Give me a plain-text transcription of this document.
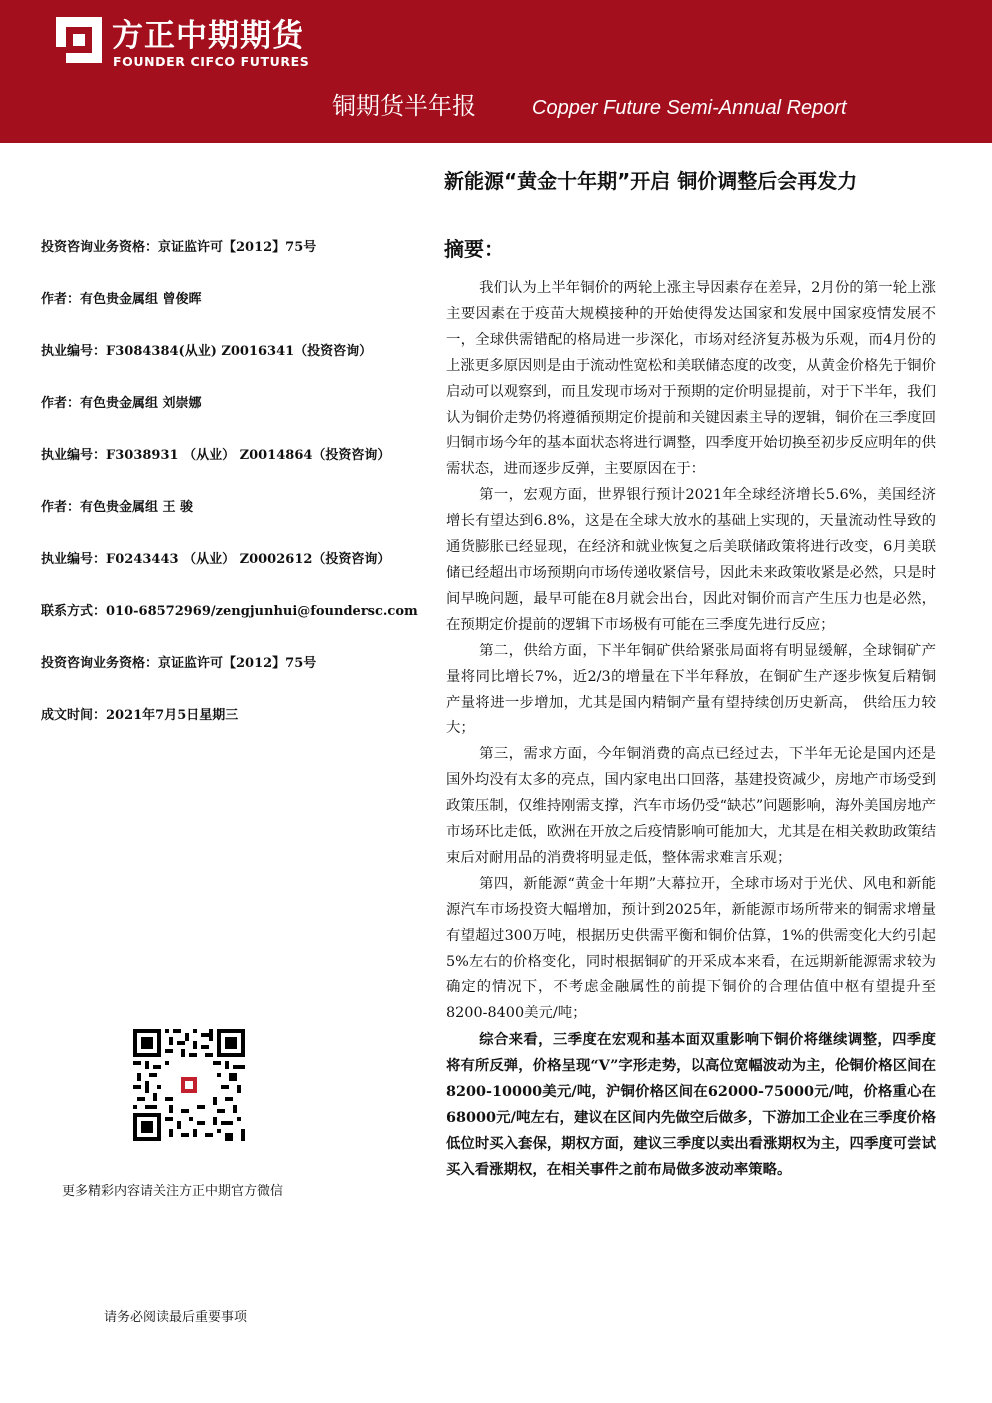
方正中期期货
FOUNDER CIFCO FUTURES
铜期货半年报	Copper Future Semi-Annual Report
新能源“黄金十年期”开启 铜价调整后会再发力
投资咨询业务资格：京证监许可【2012】75号
作者：有色贵金属组 曾俊晖
执业编号：F3084384(从业) Z0016341（投资咨询）
作者：有色贵金属组 刘崇娜
执业编号：F3038931 （从业） Z0014864（投资咨询）
作者：有色贵金属组 王 骏
执业编号：F0243443 （从业） Z0002612（投资咨询）
联系方式：010-68572969/zengjunhui@foundersc.com
投资咨询业务资格：京证监许可【2012】75号
成文时间：2021年7月5日星期三
更多精彩内容请关注方正中期官方微信
请务必阅读最后重要事项
摘要：

我们认为上半年铜价的两轮上涨主导因素存在差异，2月份的第一轮上涨主要因素在于疫苗大规模接种的开始使得发达国家和发展中国家疫情发展不一，全球供需错配的格局进一步深化，市场对经济复苏极为乐观，而4月份的上涨更多原因则是由于流动性宽松和美联储态度的改变，从黄金价格先于铜价启动可以观察到，而且发现市场对于预期的定价明显提前，对于下半年，我们认为铜价走势仍将遵循预期定价提前和关键因素主导的逻辑，铜价在三季度回归铜市场今年的基本面状态将进行调整，四季度开始切换至初步反应明年的供需状态，进而逐步反弹，主要原因在于：

第一，宏观方面，世界银行预计2021年全球经济增长5.6%，美国经济增长有望达到6.8%，这是在全球大放水的基础上实现的，天量流动性导致的通货膨胀已经显现，在经济和就业恢复之后美联储政策将进行改变，6月美联储已经超出市场预期向市场传递收紧信号，因此未来政策收紧是必然，只是时间早晚问题，最早可能在8月就会出台，因此对铜价而言产生压力也是必然，在预期定价提前的逻辑下市场极有可能在三季度先进行反应；

第二，供给方面，下半年铜矿供给紧张局面将有明显缓解，全球铜矿产量将同比增长7%，近2/3的增量在下半年释放，在铜矿生产逐步恢复后精铜产量将进一步增加，尤其是国内精铜产量有望持续创历史新高， 供给压力较大；

第三，需求方面，今年铜消费的高点已经过去，下半年无论是国内还是国外均没有太多的亮点，国内家电出口回落，基建投资减少，房地产市场受到政策压制，仅维持刚需支撑，汽车市场仍受“缺芯”问题影响，海外美国房地产市场环比走低，欧洲在开放之后疫情影响可能加大，尤其是在相关救助政策结束后对耐用品的消费将明显走低，整体需求难言乐观；

第四，新能源“黄金十年期”大幕拉开，全球市场对于光伏、风电和新能源汽车市场投资大幅增加，预计到2025年，新能源市场所带来的铜需求增量有望超过300万吨，根据历史供需平衡和铜价估算，1%的供需变化大约引起5%左右的价格变化，同时根据铜矿的开采成本来看，在远期新能源需求较为确定的情况下，不考虑金融属性的前提下铜价的合理估值中枢有望提升至8200-8400美元/吨；

综合来看，三季度在宏观和基本面双重影响下铜价将继续调整，四季度将有所反弹，价格呈现“V”字形走势，以高位宽幅波动为主，伦铜价格区间在8200-10000美元/吨，沪铜价格区间在62000-75000元/吨，价格重心在68000元/吨左右，建议在区间内先做空后做多，下游加工企业在三季度价格低位时买入套保，期权方面，建议三季度以卖出看涨期权为主，四季度可尝试买入看涨期权，在相关事件之前布局做多波动率策略。
